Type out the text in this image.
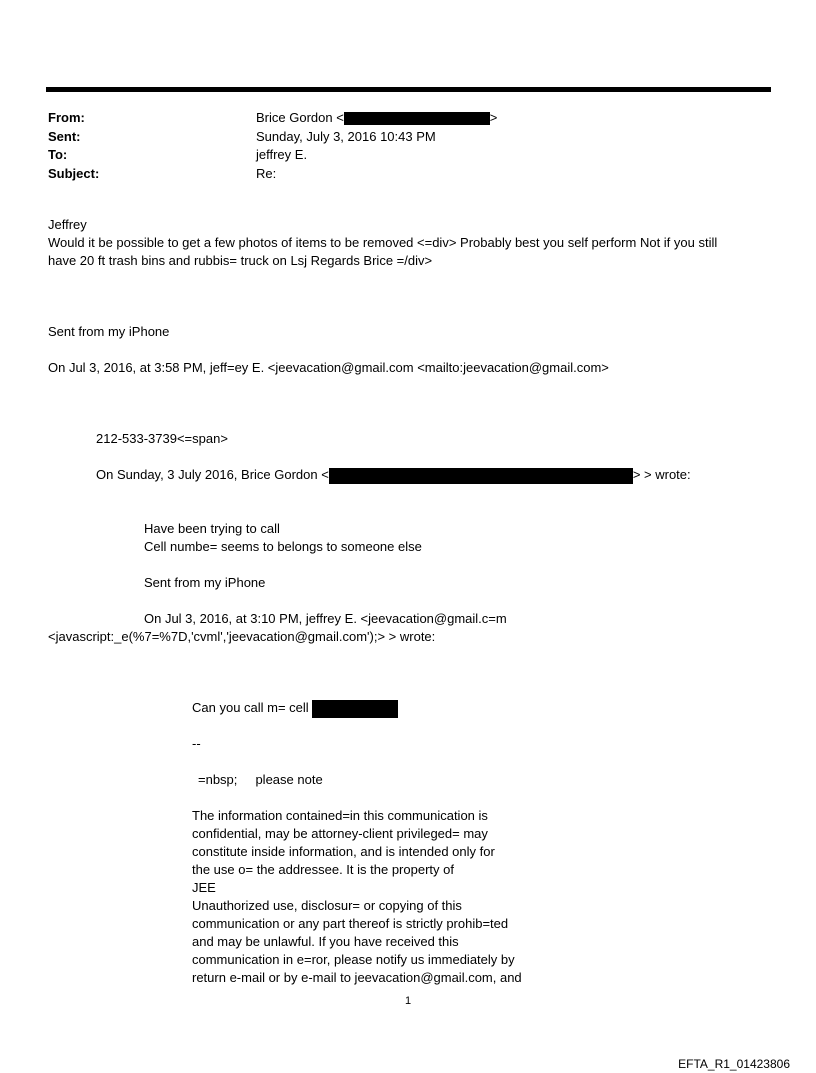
From:	Brice Gordon <	>
Sent:	Sunday, July 3, 2016 10:43 PM
To:	jeffrey E.
Subject:	Re:
Jeffrey
Would it be possible to get a few photos of items to be removed <=div> Probably best you self perform Not if you still
have 20 ft trash bins and rubbis= truck on Lsj Regards Brice =/div>
Sent from my iPhone
On Jul 3, 2016, at 3:58 PM, jeff=ey E. <jeevacation@gmail.com <mailto:jeevacation@gmail.com>
212-533-3739<=span>
On Sunday, 3 July 2016, Brice Gordon <	> > wrote:
Have been trying to call
Cell numbe= seems to belongs to someone else
Sent from my iPhone
On Jul 3, 2016, at 3:10 PM, jeffrey E. <jeevacation@gmail.c=m
<javascript:_e(%7=%7D,'cvml','jeevacation@gmail.com');> > wrote:
Can you call m= cell
--
=nbsp;     please note
The information contained=in this communication is
confidential, may be attorney-client privileged= may
constitute inside information, and is intended only for
the use o= the addressee. It is the property of
JEE
Unauthorized use, disclosur= or copying of this
communication or any part thereof is strictly prohib=ted
and may be unlawful. If you have received this
communication in e=ror, please notify us immediately by
return e-mail or by e-mail to jeevacation@gmail.com, and
1
EFTA_R1_01423806
